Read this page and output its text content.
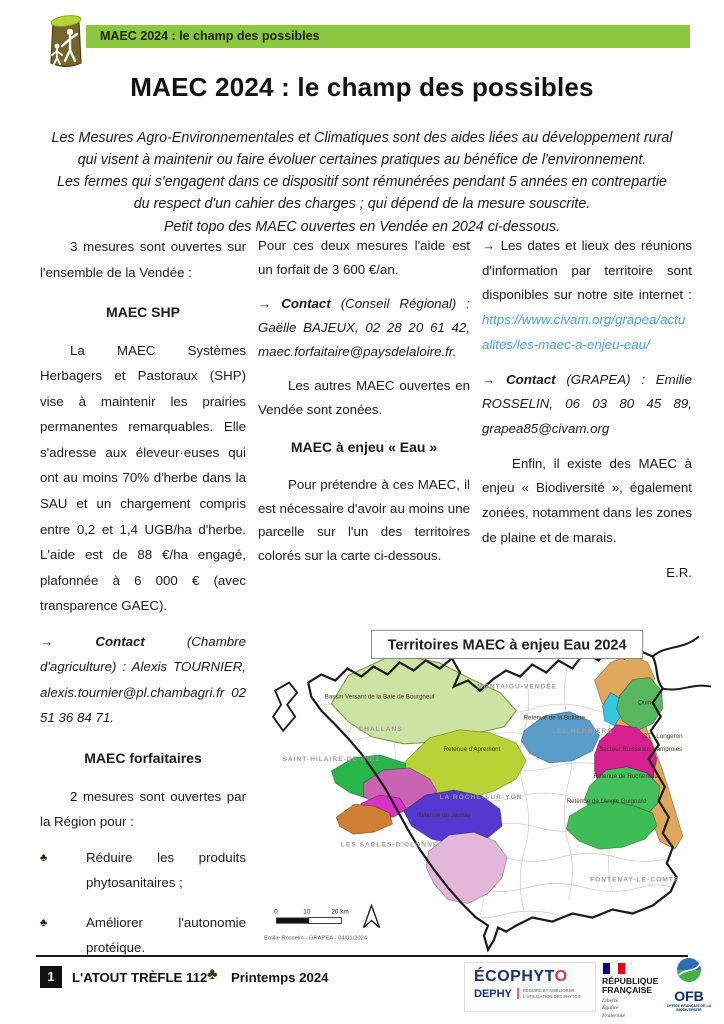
MAEC 2024 : le champ des possibles
MAEC 2024 : le champ des possibles
Les Mesures Agro-Environnementales et Climatiques sont des aides liées au développement rural
qui visent à maintenir ou faire évoluer certaines pratiques au bénéfice de l'environnement.
Les fermes qui s'engagent dans ce dispositif sont rémunérées pendant 5 années en contrepartie
du respect d'un cahier des charges ; qui dépend de la mesure souscrite.
Petit topo des MAEC ouvertes en Vendée en 2024 ci-dessous.

3 mesures sont ouvertes sur l'ensemble de la Vendée :

MAEC SHP

La MAEC Systèmes Herbagers et Pastoraux (SHP) vise à maintenir les prairies permanentes remarquables. Elle s'adresse aux éleveur·euses qui ont au moins 70% d'herbe dans la SAU et un chargement compris entre 0,2 et 1,4 UGB/ha d'herbe. L'aide est de 88 €/ha engagé, plafonnée à 6 000 € (avec transparence GAEC).

→	Contact (Chambre d'agriculture) : Alexis TOURNIER, alexis.tournier@pl.chambagri.fr 02 51 36 84 71.

MAEC forfaitaires

2 mesures sont ouvertes par la Région pour :

♣	Réduire les produits phytosanitaires ;
♣	Améliorer l'autonomie protéique.

Pour ces deux mesures l'aide est un forfait de 3 600 €/an.

→ Contact (Conseil Régional) : Gaëlle BAJEUX, 02 28 20 61 42, maec.forfaitaire@paysdelaloire.fr.

Les autres MAEC ouvertes en Vendée sont zonées.

MAEC à enjeu « Eau »

Pour prétendre à ces MAEC, il est nécessaire d'avoir au moins une parcelle sur l'un des territoires colorés sur la carte ci-dessous.

→ Les dates et lieux des réunions d'information par territoire sont disponibles sur notre site internet : https://www.civam.org/grapea/actualites/les-maec-a-enjeu-eau/

→ Contact (GRAPEA) : Emilie ROSSELIN, 06 03 80 45 89, grapea85@civam.org

Enfin, il existe des MAEC à enjeu « Biodiversité », également zonées, notamment dans les zones de plaine et de marais.

E.R.
MONTAIGU-VENDÉE
CHALLANS
SAINT-HILAIRE-DE-RIEZ
LES HERBIERS
LA ROCHE-SUR-YON
LES SABLES-D'OLONNE
FONTENAY-LE-COMTE
Bassin Versant de la Baie de Bourgneuf
Retenue d'Apremont
Retenue du Jaunay
Retenue de la Bultière
Ouin
CT : Longeron
Secteur Ruisseaux Lamproies
Retenue de Rochereau
Retenue de l'Angle Guignard
Territoires MAEC à enjeu Eau 2024
0	10	20 km
Emilie Rosselin - GRAPEA - 04/01/2024
1	L'ATOUT TRÈFLE 112 ♣ Printemps 2024	ÉCOPHYTO
DEPHY	RÉDUIRE ET AMÉLIORER
L'UTILISATION DES PHYTOS
RÉPUBLIQUE
FRANÇAISE
Liberté
Égalité
Fraternité
OFB
OFFICE FRANÇAIS DE LA BIODIVERSITÉ
